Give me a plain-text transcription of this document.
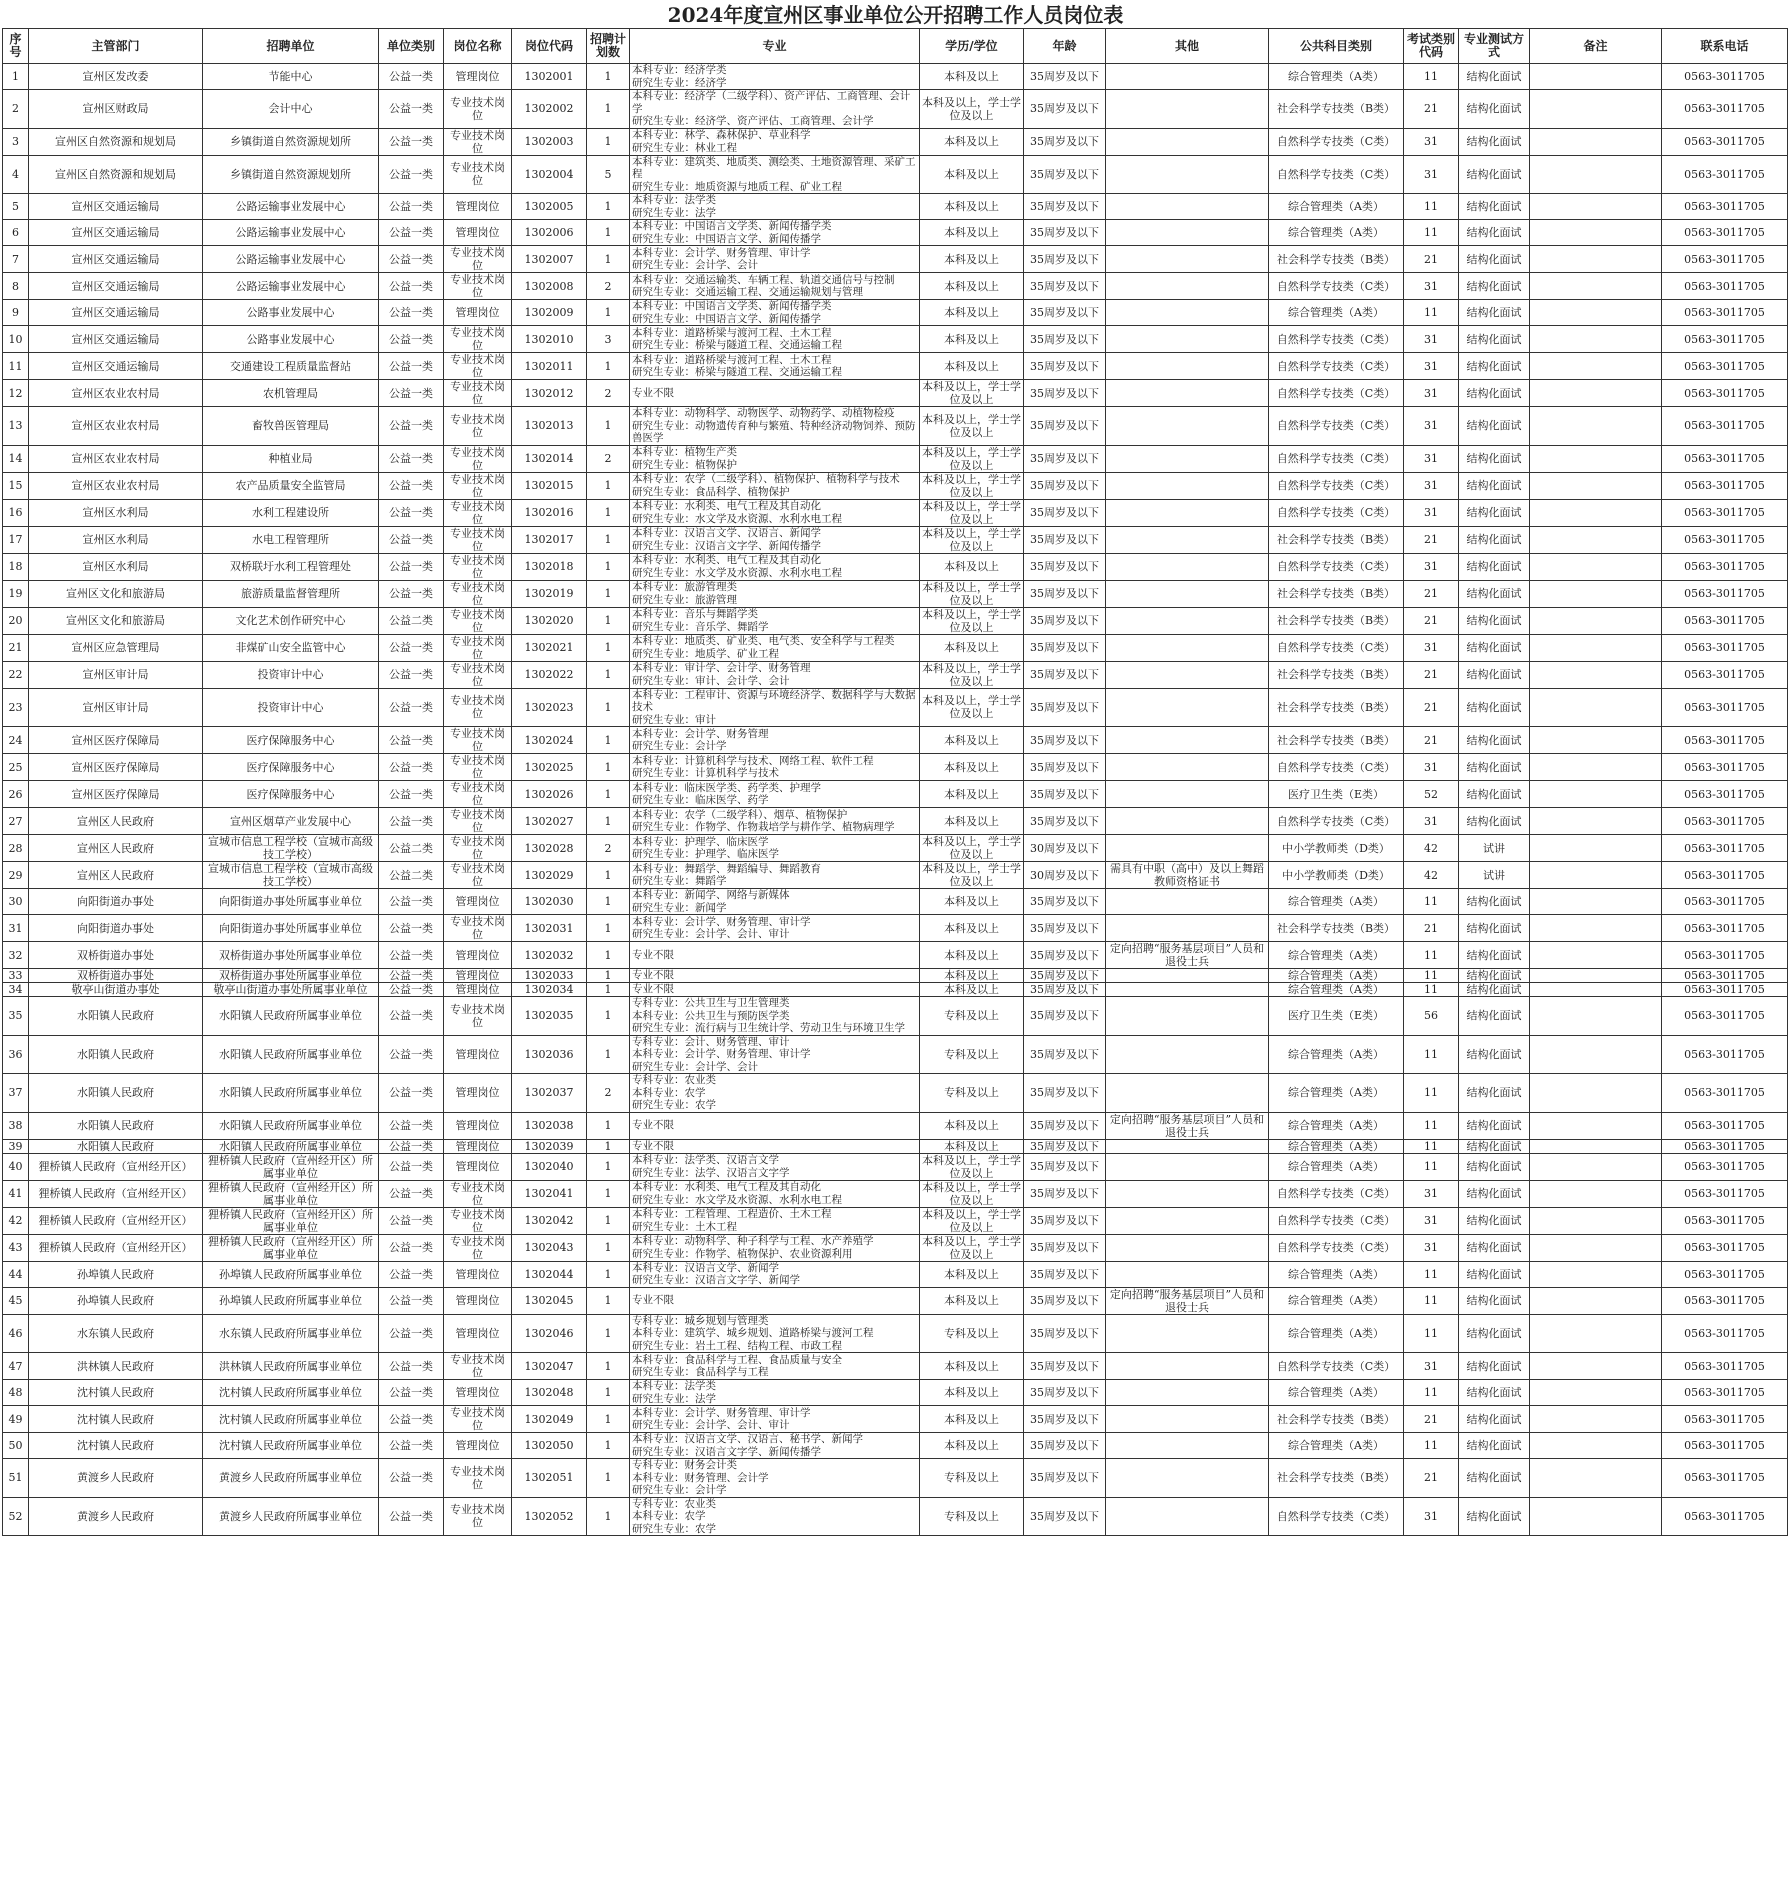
2024年度宣州区事业单位公开招聘工作人员岗位表
序号	主管部门	招聘单位	单位类别	岗位名称	岗位代码	招聘计划数	专业	学历/学位	年龄	其他	公共科目类别	考试类别代码	专业测试方式	备注	联系电话
1	宣州区发改委	节能中心	公益一类	管理岗位	1302001	1	本科专业：经济学类
研究生专业：经济学	本科及以上	35周岁及以下		综合管理类（A类）	11	结构化面试		0563-3011705
2	宣州区财政局	会计中心	公益一类	专业技术岗位	1302002	1	本科专业：经济学（二级学科）、资产评估、工商管理、会计学
研究生专业：经济学、资产评估、工商管理、会计学	本科及以上，学士学位及以上	35周岁及以下		社会科学专技类（B类）	21	结构化面试		0563-3011705
3	宣州区自然资源和规划局	乡镇街道自然资源规划所	公益一类	专业技术岗位	1302003	1	本科专业：林学、森林保护、草业科学
研究生专业：林业工程	本科及以上	35周岁及以下		自然科学专技类（C类）	31	结构化面试		0563-3011705
4	宣州区自然资源和规划局	乡镇街道自然资源规划所	公益一类	专业技术岗位	1302004	5	本科专业：建筑类、地质类、测绘类、土地资源管理、采矿工程
研究生专业：地质资源与地质工程、矿业工程	本科及以上	35周岁及以下		自然科学专技类（C类）	31	结构化面试		0563-3011705
5	宣州区交通运输局	公路运输事业发展中心	公益一类	管理岗位	1302005	1	本科专业：法学类
研究生专业：法学	本科及以上	35周岁及以下		综合管理类（A类）	11	结构化面试		0563-3011705
6	宣州区交通运输局	公路运输事业发展中心	公益一类	管理岗位	1302006	1	本科专业：中国语言文学类、新闻传播学类
研究生专业：中国语言文学、新闻传播学	本科及以上	35周岁及以下		综合管理类（A类）	11	结构化面试		0563-3011705
7	宣州区交通运输局	公路运输事业发展中心	公益一类	专业技术岗位	1302007	1	本科专业：会计学、财务管理、审计学
研究生专业：会计学、会计	本科及以上	35周岁及以下		社会科学专技类（B类）	21	结构化面试		0563-3011705
8	宣州区交通运输局	公路运输事业发展中心	公益一类	专业技术岗位	1302008	2	本科专业：交通运输类、车辆工程、轨道交通信号与控制
研究生专业：交通运输工程、交通运输规划与管理	本科及以上	35周岁及以下		自然科学专技类（C类）	31	结构化面试		0563-3011705
9	宣州区交通运输局	公路事业发展中心	公益一类	管理岗位	1302009	1	本科专业：中国语言文学类、新闻传播学类
研究生专业：中国语言文学、新闻传播学	本科及以上	35周岁及以下		综合管理类（A类）	11	结构化面试		0563-3011705
10	宣州区交通运输局	公路事业发展中心	公益一类	专业技术岗位	1302010	3	本科专业：道路桥梁与渡河工程、土木工程
研究生专业：桥梁与隧道工程、交通运输工程	本科及以上	35周岁及以下		自然科学专技类（C类）	31	结构化面试		0563-3011705
11	宣州区交通运输局	交通建设工程质量监督站	公益一类	专业技术岗位	1302011	1	本科专业：道路桥梁与渡河工程、土木工程
研究生专业：桥梁与隧道工程、交通运输工程	本科及以上	35周岁及以下		自然科学专技类（C类）	31	结构化面试		0563-3011705
12	宣州区农业农村局	农机管理局	公益一类	专业技术岗位	1302012	2	专业不限	本科及以上，学士学位及以上	35周岁及以下		自然科学专技类（C类）	31	结构化面试		0563-3011705
13	宣州区农业农村局	畜牧兽医管理局	公益一类	专业技术岗位	1302013	1	本科专业：动物科学、动物医学、动物药学、动植物检疫
研究生专业：动物遗传育种与繁殖、特种经济动物饲养、预防兽医学	本科及以上，学士学位及以上	35周岁及以下		自然科学专技类（C类）	31	结构化面试		0563-3011705
14	宣州区农业农村局	种植业局	公益一类	专业技术岗位	1302014	2	本科专业：植物生产类
研究生专业：植物保护	本科及以上，学士学位及以上	35周岁及以下		自然科学专技类（C类）	31	结构化面试		0563-3011705
15	宣州区农业农村局	农产品质量安全监管局	公益一类	专业技术岗位	1302015	1	本科专业：农学（二级学科）、植物保护、植物科学与技术
研究生专业：食品科学、植物保护	本科及以上，学士学位及以上	35周岁及以下		自然科学专技类（C类）	31	结构化面试		0563-3011705
16	宣州区水利局	水利工程建设所	公益一类	专业技术岗位	1302016	1	本科专业：水利类、电气工程及其自动化
研究生专业：水文学及水资源、水利水电工程	本科及以上，学士学位及以上	35周岁及以下		自然科学专技类（C类）	31	结构化面试		0563-3011705
17	宣州区水利局	水电工程管理所	公益一类	专业技术岗位	1302017	1	本科专业：汉语言文学、汉语言、新闻学
研究生专业：汉语言文字学、新闻传播学	本科及以上，学士学位及以上	35周岁及以下		社会科学专技类（B类）	21	结构化面试		0563-3011705
18	宣州区水利局	双桥联圩水利工程管理处	公益一类	专业技术岗位	1302018	1	本科专业：水利类、电气工程及其自动化
研究生专业：水文学及水资源、水利水电工程	本科及以上	35周岁及以下		自然科学专技类（C类）	31	结构化面试		0563-3011705
19	宣州区文化和旅游局	旅游质量监督管理所	公益一类	专业技术岗位	1302019	1	本科专业：旅游管理类
研究生专业：旅游管理	本科及以上，学士学位及以上	35周岁及以下		社会科学专技类（B类）	21	结构化面试		0563-3011705
20	宣州区文化和旅游局	文化艺术创作研究中心	公益二类	专业技术岗位	1302020	1	本科专业：音乐与舞蹈学类
研究生专业：音乐学、舞蹈学	本科及以上，学士学位及以上	35周岁及以下		社会科学专技类（B类）	21	结构化面试		0563-3011705
21	宣州区应急管理局	非煤矿山安全监管中心	公益一类	专业技术岗位	1302021	1	本科专业：地质类、矿业类、电气类、安全科学与工程类
研究生专业：地质学、矿业工程	本科及以上	35周岁及以下		自然科学专技类（C类）	31	结构化面试		0563-3011705
22	宣州区审计局	投资审计中心	公益一类	专业技术岗位	1302022	1	本科专业：审计学、会计学、财务管理
研究生专业：审计、会计学、会计	本科及以上，学士学位及以上	35周岁及以下		社会科学专技类（B类）	21	结构化面试		0563-3011705
23	宣州区审计局	投资审计中心	公益一类	专业技术岗位	1302023	1	本科专业：工程审计、资源与环境经济学、数据科学与大数据技术
研究生专业：审计	本科及以上，学士学位及以上	35周岁及以下		社会科学专技类（B类）	21	结构化面试		0563-3011705
24	宣州区医疗保障局	医疗保障服务中心	公益一类	专业技术岗位	1302024	1	本科专业：会计学、财务管理
研究生专业：会计学	本科及以上	35周岁及以下		社会科学专技类（B类）	21	结构化面试		0563-3011705
25	宣州区医疗保障局	医疗保障服务中心	公益一类	专业技术岗位	1302025	1	本科专业：计算机科学与技术、网络工程、软件工程
研究生专业：计算机科学与技术	本科及以上	35周岁及以下		自然科学专技类（C类）	31	结构化面试		0563-3011705
26	宣州区医疗保障局	医疗保障服务中心	公益一类	专业技术岗位	1302026	1	本科专业：临床医学类、药学类、护理学
研究生专业：临床医学、药学	本科及以上	35周岁及以下		医疗卫生类（E类）	52	结构化面试		0563-3011705
27	宣州区人民政府	宣州区烟草产业发展中心	公益一类	专业技术岗位	1302027	1	本科专业：农学（二级学科）、烟草、植物保护
研究生专业：作物学、作物栽培学与耕作学、植物病理学	本科及以上	35周岁及以下		自然科学专技类（C类）	31	结构化面试		0563-3011705
28	宣州区人民政府	宣城市信息工程学校（宣城市高级技工学校）	公益二类	专业技术岗位	1302028	2	本科专业：护理学、临床医学
研究生专业：护理学、临床医学	本科及以上，学士学位及以上	30周岁及以下		中小学教师类（D类）	42	试讲		0563-3011705
29	宣州区人民政府	宣城市信息工程学校（宣城市高级技工学校）	公益二类	专业技术岗位	1302029	1	本科专业：舞蹈学、舞蹈编导、舞蹈教育
研究生专业：舞蹈学	本科及以上，学士学位及以上	30周岁及以下	需具有中职（高中）及以上舞蹈教师资格证书	中小学教师类（D类）	42	试讲		0563-3011705
30	向阳街道办事处	向阳街道办事处所属事业单位	公益一类	管理岗位	1302030	1	本科专业：新闻学、网络与新媒体
研究生专业：新闻学	本科及以上	35周岁及以下		综合管理类（A类）	11	结构化面试		0563-3011705
31	向阳街道办事处	向阳街道办事处所属事业单位	公益一类	专业技术岗位	1302031	1	本科专业：会计学、财务管理、审计学
研究生专业：会计学、会计、审计	本科及以上	35周岁及以下		社会科学专技类（B类）	21	结构化面试		0563-3011705
32	双桥街道办事处	双桥街道办事处所属事业单位	公益一类	管理岗位	1302032	1	专业不限	本科及以上	35周岁及以下	定向招聘“服务基层项目”人员和退役士兵	综合管理类（A类）	11	结构化面试		0563-3011705
33	双桥街道办事处	双桥街道办事处所属事业单位	公益一类	管理岗位	1302033	1	专业不限	本科及以上	35周岁及以下		综合管理类（A类）	11	结构化面试		0563-3011705
34	敬亭山街道办事处	敬亭山街道办事处所属事业单位	公益一类	管理岗位	1302034	1	专业不限	本科及以上	35周岁及以下		综合管理类（A类）	11	结构化面试		0563-3011705
35	水阳镇人民政府	水阳镇人民政府所属事业单位	公益一类	专业技术岗位	1302035	1	专科专业：公共卫生与卫生管理类
本科专业：公共卫生与预防医学类
研究生专业：流行病与卫生统计学、劳动卫生与环境卫生学	专科及以上	35周岁及以下		医疗卫生类（E类）	56	结构化面试		0563-3011705
36	水阳镇人民政府	水阳镇人民政府所属事业单位	公益一类	管理岗位	1302036	1	专科专业：会计、财务管理、审计
本科专业：会计学、财务管理、审计学
研究生专业：会计学、会计	专科及以上	35周岁及以下		综合管理类（A类）	11	结构化面试		0563-3011705
37	水阳镇人民政府	水阳镇人民政府所属事业单位	公益一类	管理岗位	1302037	2	专科专业：农业类
本科专业：农学
研究生专业：农学	专科及以上	35周岁及以下		综合管理类（A类）	11	结构化面试		0563-3011705
38	水阳镇人民政府	水阳镇人民政府所属事业单位	公益一类	管理岗位	1302038	1	专业不限	本科及以上	35周岁及以下	定向招聘“服务基层项目”人员和退役士兵	综合管理类（A类）	11	结构化面试		0563-3011705
39	水阳镇人民政府	水阳镇人民政府所属事业单位	公益一类	管理岗位	1302039	1	专业不限	本科及以上	35周岁及以下		综合管理类（A类）	11	结构化面试		0563-3011705
40	狸桥镇人民政府（宣州经开区）	狸桥镇人民政府（宣州经开区）所属事业单位	公益一类	管理岗位	1302040	1	本科专业：法学类、汉语言文学
研究生专业：法学、汉语言文字学	本科及以上，学士学位及以上	35周岁及以下		综合管理类（A类）	11	结构化面试		0563-3011705
41	狸桥镇人民政府（宣州经开区）	狸桥镇人民政府（宣州经开区）所属事业单位	公益一类	专业技术岗位	1302041	1	本科专业：水利类、电气工程及其自动化
研究生专业：水文学及水资源、水利水电工程	本科及以上，学士学位及以上	35周岁及以下		自然科学专技类（C类）	31	结构化面试		0563-3011705
42	狸桥镇人民政府（宣州经开区）	狸桥镇人民政府（宣州经开区）所属事业单位	公益一类	专业技术岗位	1302042	1	本科专业：工程管理、工程造价、土木工程
研究生专业：土木工程	本科及以上，学士学位及以上	35周岁及以下		自然科学专技类（C类）	31	结构化面试		0563-3011705
43	狸桥镇人民政府（宣州经开区）	狸桥镇人民政府（宣州经开区）所属事业单位	公益一类	专业技术岗位	1302043	1	本科专业：动物科学、种子科学与工程、水产养殖学
研究生专业：作物学、植物保护、农业资源利用	本科及以上，学士学位及以上	35周岁及以下		自然科学专技类（C类）	31	结构化面试		0563-3011705
44	孙埠镇人民政府	孙埠镇人民政府所属事业单位	公益一类	管理岗位	1302044	1	本科专业：汉语言文学、新闻学
研究生专业：汉语言文字学、新闻学	本科及以上	35周岁及以下		综合管理类（A类）	11	结构化面试		0563-3011705
45	孙埠镇人民政府	孙埠镇人民政府所属事业单位	公益一类	管理岗位	1302045	1	专业不限	本科及以上	35周岁及以下	定向招聘“服务基层项目”人员和退役士兵	综合管理类（A类）	11	结构化面试		0563-3011705
46	水东镇人民政府	水东镇人民政府所属事业单位	公益一类	管理岗位	1302046	1	专科专业：城乡规划与管理类
本科专业：建筑学、城乡规划、道路桥梁与渡河工程
研究生专业：岩土工程、结构工程、市政工程	专科及以上	35周岁及以下		综合管理类（A类）	11	结构化面试		0563-3011705
47	洪林镇人民政府	洪林镇人民政府所属事业单位	公益一类	专业技术岗位	1302047	1	本科专业：食品科学与工程、食品质量与安全
研究生专业：食品科学与工程	本科及以上	35周岁及以下		自然科学专技类（C类）	31	结构化面试		0563-3011705
48	沈村镇人民政府	沈村镇人民政府所属事业单位	公益一类	管理岗位	1302048	1	本科专业：法学类
研究生专业：法学	本科及以上	35周岁及以下		综合管理类（A类）	11	结构化面试		0563-3011705
49	沈村镇人民政府	沈村镇人民政府所属事业单位	公益一类	专业技术岗位	1302049	1	本科专业：会计学、财务管理、审计学
研究生专业：会计学、会计、审计	本科及以上	35周岁及以下		社会科学专技类（B类）	21	结构化面试		0563-3011705
50	沈村镇人民政府	沈村镇人民政府所属事业单位	公益一类	管理岗位	1302050	1	本科专业：汉语言文学、汉语言、秘书学、新闻学
研究生专业：汉语言文字学、新闻传播学	本科及以上	35周岁及以下		综合管理类（A类）	11	结构化面试		0563-3011705
51	黄渡乡人民政府	黄渡乡人民政府所属事业单位	公益一类	专业技术岗位	1302051	1	专科专业：财务会计类
本科专业：财务管理、会计学
研究生专业：会计学	专科及以上	35周岁及以下		社会科学专技类（B类）	21	结构化面试		0563-3011705
52	黄渡乡人民政府	黄渡乡人民政府所属事业单位	公益一类	专业技术岗位	1302052	1	专科专业：农业类
本科专业：农学
研究生专业：农学	专科及以上	35周岁及以下		自然科学专技类（C类）	31	结构化面试		0563-3011705
